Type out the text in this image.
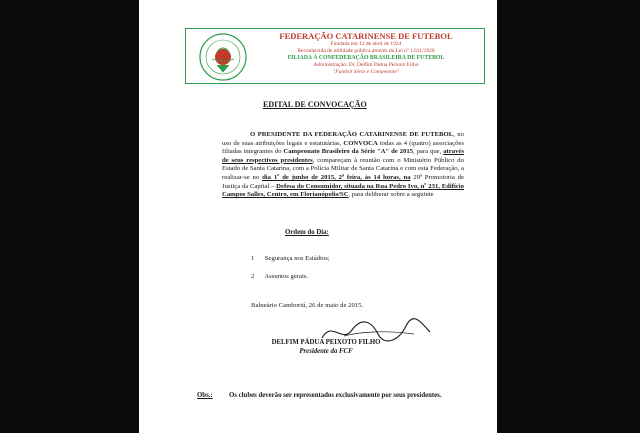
FEDERAÇÃO CATARINENSE DE FUTEBOL
Fundada em 12 de abril de 1924
Reconhecida de utilidade pública através da Lei nº 1.611/1928
FILIADA À CONFEDERAÇÃO BRASILEIRA DE FUTEBOL
Administração: Dr. Delfim Pádua Peixoto Filho
"Futebol Sério e Competente"
EDITAL DE CONVOCAÇÃO
O PRESIDENTE DA FEDERAÇÃO CATARINENSE DE FUTEBOL, no uso de suas atribuições legais e estatutárias, CONVOCA todas as 4 (quatro) associações filiadas integrantes do Campeonato Brasileiro da Série "A" de 2015, para que, através de seus respectivos presidentes, compareçam à reunião com o Ministério Público do Estado de Santa Catarina, com a Polícia Militar de Santa Catarina e com esta Federação, a realizar-se no dia 1º de junho de 2015, 2ª feira, às 14 horas, na 29ª Promotoria de Justiça da Capital – Defesa do Consumidor, situada na Rua Pedro Ivo, nº 231, Edifício Campos Salles, Centro, em Florianópolis/SC, para deliberar sobre a seguinte
Ordem do Dia:
1 Segurança nos Estádios;
2 Assuntos gerais.
Balneário Camboriú, 26 de maio de 2015.
DELFIM PÁDUA PEIXOTO FILHO
Presidente da FCF
Obs.: Os clubes deverão ser representados exclusivamente por seus presidentes.
